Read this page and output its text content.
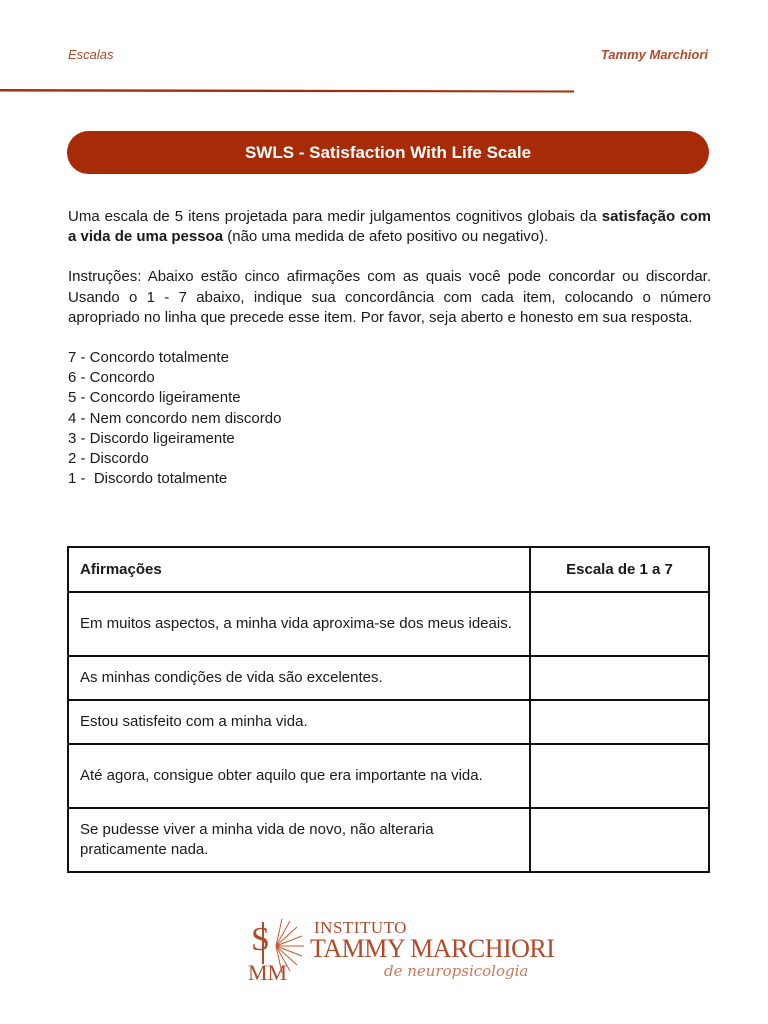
Escalas	Tammy Marchiori
SWLS - Satisfaction With Life Scale

Uma escala de 5 itens projetada para medir julgamentos cognitivos globais da satisfação com a vida de uma pessoa (não uma medida de afeto positivo ou negativo).

Instruções: Abaixo estão cinco afirmações com as quais você pode concordar ou discordar. Usando o 1 - 7 abaixo, indique sua concordância com cada item, colocando o número apropriado no linha que precede esse item. Por favor, seja aberto e honesto em sua resposta.

7 - Concordo totalmente
6 - Concordo
5 - Concordo ligeiramente
4 - Nem concordo nem discordo
3 - Discordo ligeiramente
2 - Discordo
1 -  Discordo totalmente
Afirmações	Escala de 1 a 7
Em muitos aspectos, a minha vida aproxima-se dos meus ideais.	
As minhas condições de vida são excelentes.	
Estou satisfeito com a minha vida.	
Até agora, consigue obter aquilo que era importante na vida.	
Se pudesse viver a minha vida de novo, não alteraria praticamente nada.	
S
MM
INSTITUTO
TAMMY MARCHIORI
de neuropsicologia
